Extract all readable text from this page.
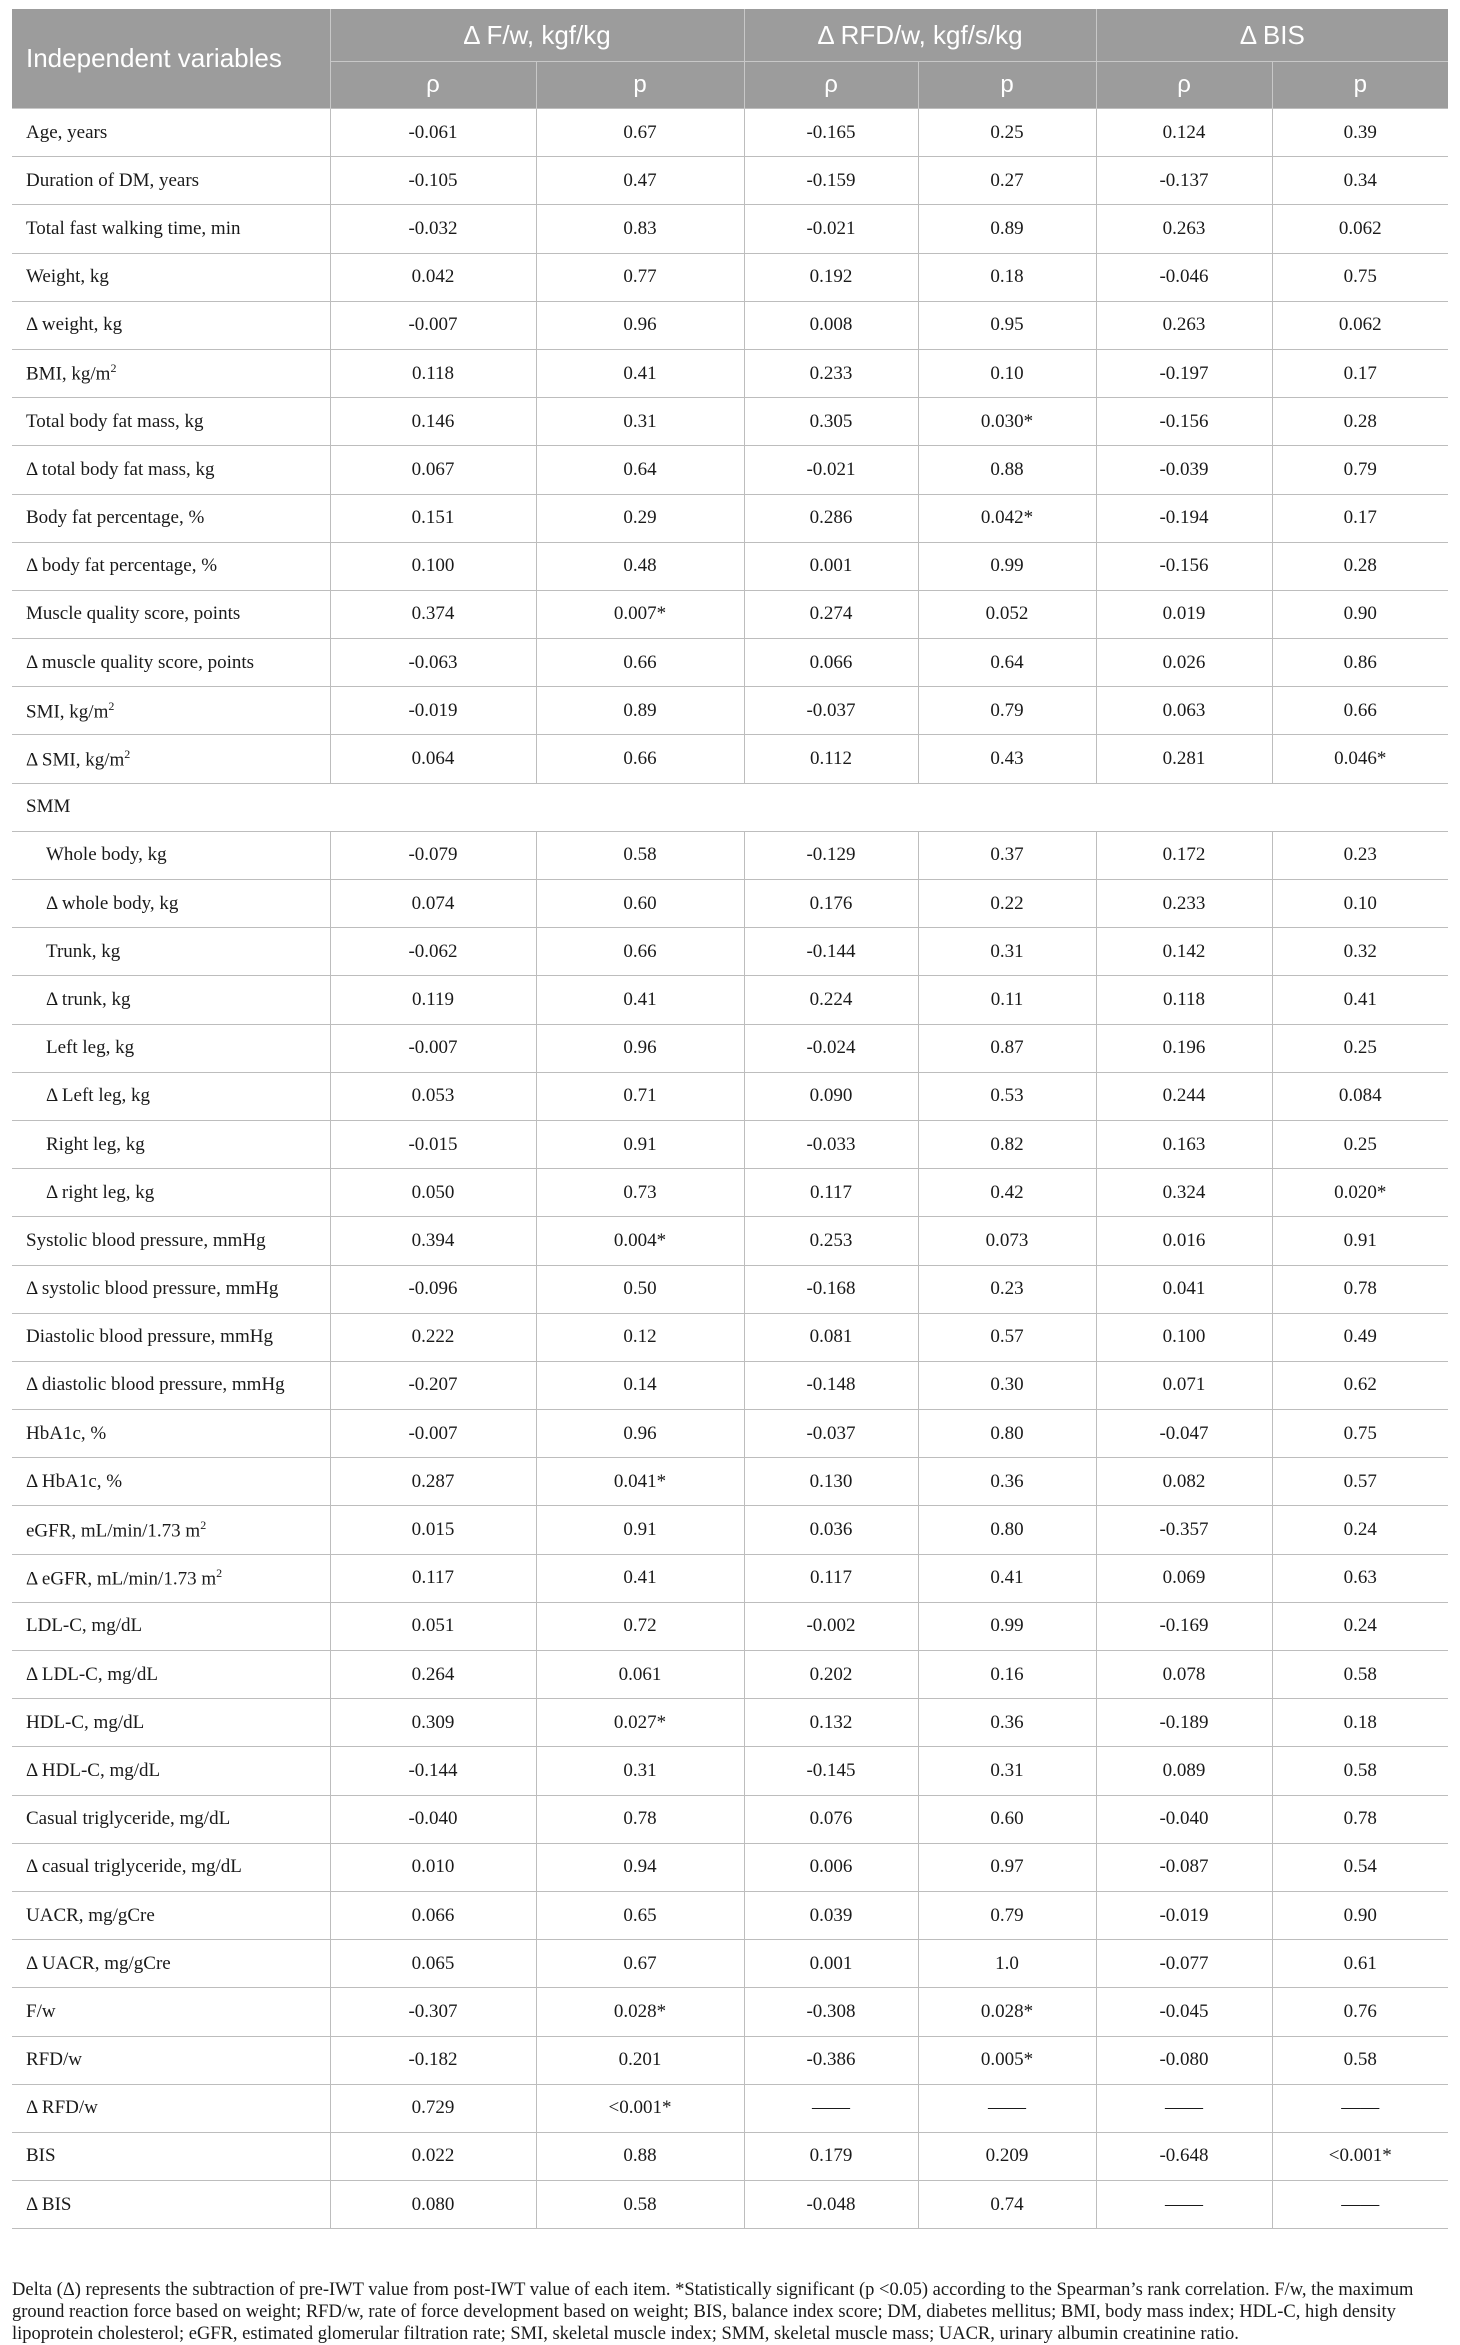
Independent variables	Δ F/w, kgf/kg		Δ RFD/w, kgf/s/kg		Δ BIS	
	ρ	p	ρ	p	ρ	p
Age, years	-0.061	0.67	-0.165	0.25	0.124	0.39
Duration of DM, years	-0.105	0.47	-0.159	0.27	-0.137	0.34
Total fast walking time, min	-0.032	0.83	-0.021	0.89	0.263	0.062
Weight, kg	0.042	0.77	0.192	0.18	-0.046	0.75
Δ weight, kg	-0.007	0.96	0.008	0.95	0.263	0.062
BMI, $kg/m^2$	0.118	0.41	0.233	0.10	-0.197	0.17
Total body fat mass, kg	0.146	0.31	0.305	0.030*	-0.156	0.28
Δ total body fat mass, kg	0.067	0.64	-0.021	0.88	-0.039	0.79
Body fat percentage, %	0.151	0.29	0.286	0.042*	-0.194	0.17
Δ body fat percentage, %	0.100	0.48	0.001	0.99	-0.156	0.28
Muscle quality score, points	0.374	0.007*	0.274	0.052	0.019	0.90
Δ muscle quality score, points	-0.063	0.66	0.066	0.64	0.026	0.86
SMI, $kg/m^2$	-0.019	0.89	-0.037	0.79	0.063	0.66
Δ SMI, $kg/m^2$	0.064	0.66	0.112	0.43	0.281	0.046*
SMM						
Whole body, kg	-0.079	0.58	-0.129	0.37	0.172	0.23
Δ whole body, kg	0.074	0.60	0.176	0.22	0.233	0.10
Trunk, kg	-0.062	0.66	-0.144	0.31	0.142	0.32
Δ trunk, kg	0.119	0.41	0.224	0.11	0.118	0.41
Left leg, kg	-0.007	0.96	-0.024	0.87	0.196	0.25
Δ Left leg, kg	0.053	0.71	0.090	0.53	0.244	0.084
Right leg, kg	-0.015	0.91	-0.033	0.82	0.163	0.25
Δ right leg, kg	0.050	0.73	0.117	0.42	0.324	0.020*
Systolic blood pressure, mmHg	0.394	0.004*	0.253	0.073	0.016	0.91
Δ systolic blood pressure, mmHg	-0.096	0.50	-0.168	0.23	0.041	0.78
Diastolic blood pressure, mmHg	0.222	0.12	0.081	0.57	0.100	0.49
Δ diastolic blood pressure, mmHg	-0.207	0.14	-0.148	0.30	0.071	0.62
HbA1c, %	-0.007	0.96	-0.037	0.80	-0.047	0.75
Δ HbA1c, %	0.287	0.041*	0.130	0.36	0.082	0.57
eGFR, mL/min/1.73 $m^2$	0.015	0.91	0.036	0.80	-0.357	0.24
Δ eGFR, mL/min/1.73 $m^2$	0.117	0.41	0.117	0.41	0.069	0.63
LDL-C, mg/dL	0.051	0.72	-0.002	0.99	-0.169	0.24
Δ LDL-C, mg/dL	0.264	0.061	0.202	0.16	0.078	0.58
HDL-C, mg/dL	0.309	0.027*	0.132	0.36	-0.189	0.18
Δ HDL-C, mg/dL	-0.144	0.31	-0.145	0.31	0.089	0.58
Casual triglyceride, mg/dL	-0.040	0.78	0.076	0.60	-0.040	0.78
Δ casual triglyceride, mg/dL	0.010	0.94	0.006	0.97	-0.087	0.54
UACR, mg/gCre	0.066	0.65	0.039	0.79	-0.019	0.90
Δ UACR, mg/gCre	0.065	0.67	0.001	1.0	-0.077	0.61
F/w	-0.307	0.028*	-0.308	0.028*	-0.045	0.76
RFD/w	-0.182	0.201	-0.386	0.005*	-0.080	0.58
Δ RFD/w	0.729	<0.001*	——	——	——	——
BIS	0.022	0.88	0.179	0.209	-0.648	<0.001*
Δ BIS	0.080	0.58	-0.048	0.74	——	——
Delta (Δ) represents the subtraction of pre-IWT value from post-IWT value of each item. *Statistically significant (p <0.05) according to the Spearman’s rank correlation. F/w, the maximum ground reaction force based on weight; RFD/w, rate of force development based on weight; BIS, balance index score; DM, diabetes mellitus; BMI, body mass index; HDL-C, high density lipoprotein cholesterol; eGFR, estimated glomerular filtration rate; SMI, skeletal muscle index; SMM, skeletal muscle mass; UACR, urinary albumin creatinine ratio.
